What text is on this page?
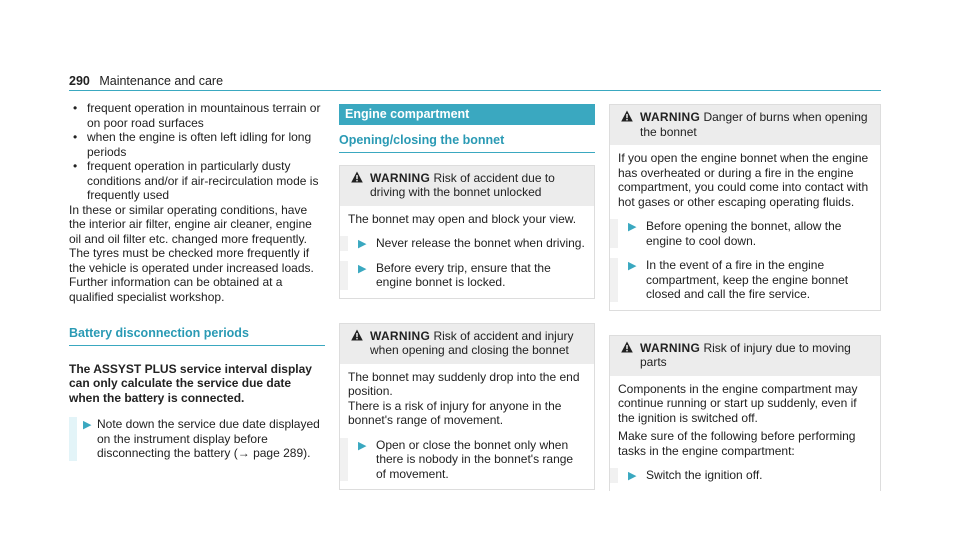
290 Maintenance and care
• frequent operation in mountainous terrain or on poor road surfaces
• when the engine is often left idling for long periods
• frequent operation in particularly dusty conditions and/or if air-recirculation mode is frequently used

In these or similar operating conditions, have the interior air filter, engine air cleaner, engine oil and oil filter etc. changed more frequently. The tyres must be checked more frequently if the vehicle is operated under increased loads. Further information can be obtained at a qualified specialist workshop.

Battery disconnection periods

The ASSYST PLUS service interval display can only calculate the service due date when the battery is connected.

▶ Note down the service due date displayed on the instrument display before disconnecting the battery (→ page 289).
Engine compartment
Opening/closing the bonnet
WARNING Risk of accident due to driving with the bonnet unlocked

The bonnet may open and block your view.

▶ Never release the bonnet when driving.
▶ Before every trip, ensure that the engine bonnet is locked.
WARNING Risk of accident and injury when opening and closing the bonnet

The bonnet may suddenly drop into the end position.

There is a risk of injury for anyone in the bonnet's range of movement.

▶ Open or close the bonnet only when there is nobody in the bonnet's range of movement.
WARNING Danger of burns when opening the bonnet

If you open the engine bonnet when the engine has overheated or during a fire in the engine compartment, you could come into contact with hot gases or other escaping operating fluids.

▶ Before opening the bonnet, allow the engine to cool down.
▶ In the event of a fire in the engine compartment, keep the engine bonnet closed and call the fire service.
WARNING Risk of injury due to moving parts

Components in the engine compartment may continue running or start up suddenly, even if the ignition is switched off.

Make sure of the following before performing tasks in the engine compartment:

▶ Switch the ignition off.
